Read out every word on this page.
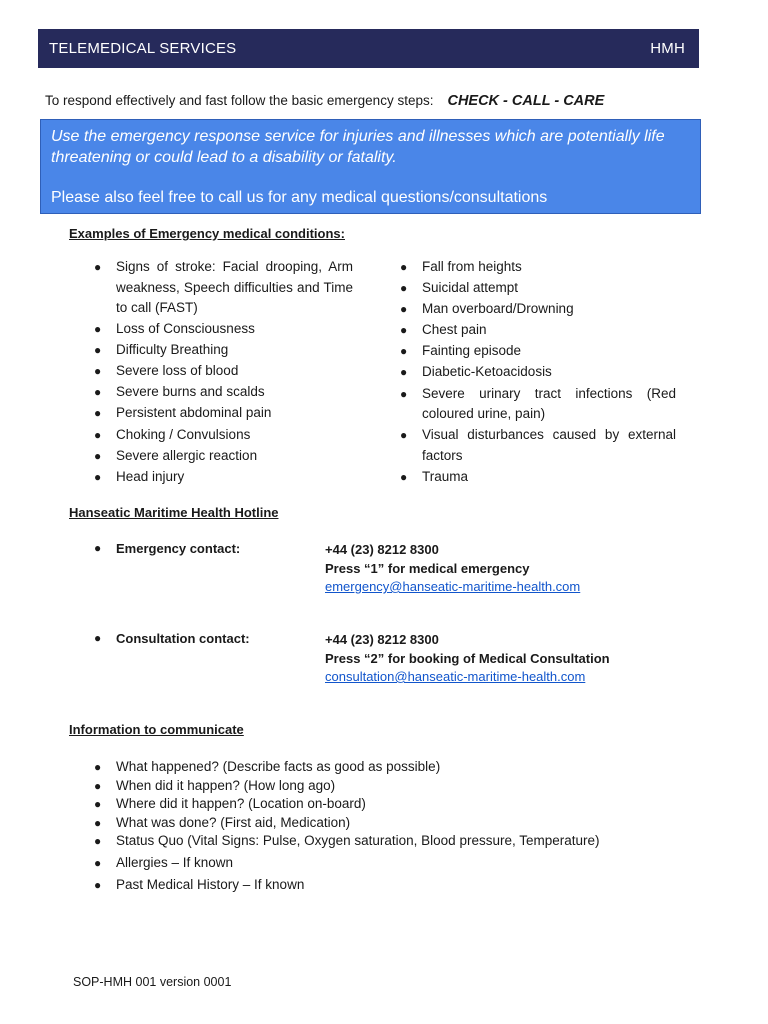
TELEMEDICAL SERVICES	HMH
To respond effectively and fast follow the basic emergency steps: CHECK - CALL - CARE
Use the emergency response service for injuries and illnesses which are potentially life threatening or could lead to a disability or fatality.
Please also feel free to call us for any medical questions/consultations
Examples of Emergency medical conditions:
● Signs of stroke: Facial drooping, Arm weakness, Speech difficulties and Time to call (FAST)
● Loss of Consciousness
● Difficulty Breathing
● Severe loss of blood
● Severe burns and scalds
● Persistent abdominal pain
● Choking / Convulsions
● Severe allergic reaction
● Head injury
● Fall from heights
● Suicidal attempt
● Man overboard/Drowning
● Chest pain
● Fainting episode
● Diabetic-Ketoacidosis
● Severe urinary tract infections (Red coloured urine, pain)
● Visual disturbances caused by external factors
● Trauma
Hanseatic Maritime Health Hotline
● Emergency contact:	+44 (23) 8212 8300
Press “1” for medical emergency
emergency@hanseatic-maritime-health.com
● Consultation contact:	+44 (23) 8212 8300
Press “2” for booking of Medical Consultation
consultation@hanseatic-maritime-health.com
Information to communicate
● What happened? (Describe facts as good as possible)
● When did it happen? (How long ago)
● Where did it happen? (Location on-board)
● What was done? (First aid, Medication)
● Status Quo (Vital Signs: Pulse, Oxygen saturation, Blood pressure, Temperature)
● Allergies – If known
● Past Medical History – If known
SOP-HMH 001 version 0001
